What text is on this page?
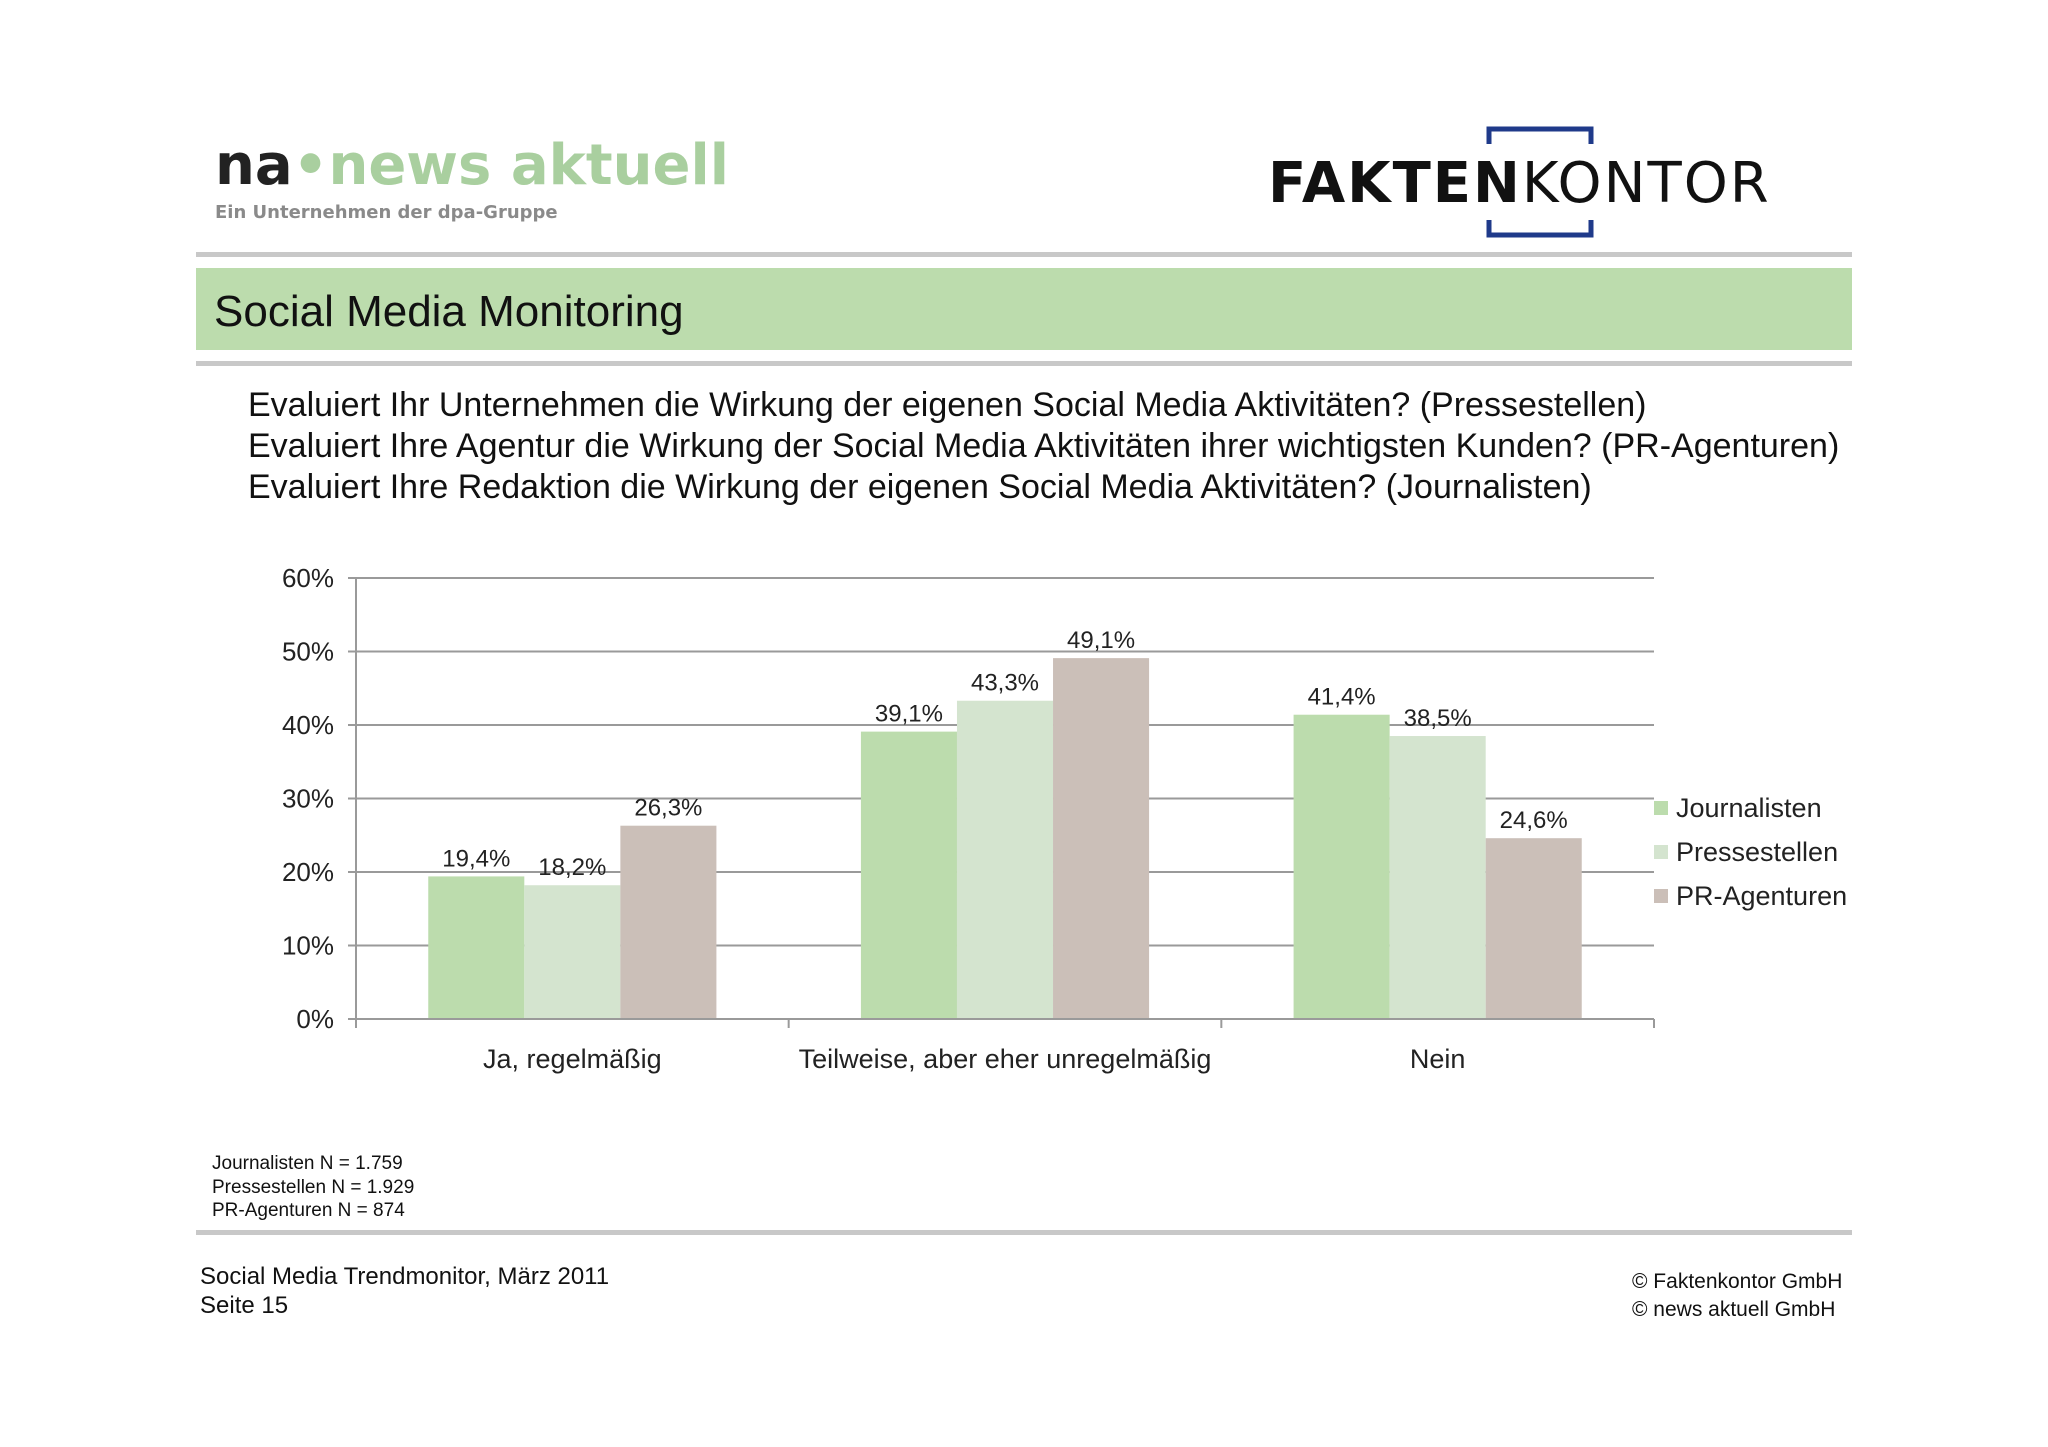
na•news aktuell
Ein Unternehmen der dpa-Gruppe	FAKTENKONTOR
Social Media Monitoring
Evaluiert Ihr Unternehmen die Wirkung der eigenen Social Media Aktivitäten? (Pressestellen)
Evaluiert Ihre Agentur die Wirkung der Social Media Aktivitäten ihrer wichtigsten Kunden? (PR-Agenturen)
Evaluiert Ihre Redaktion die Wirkung der eigenen Social Media Aktivitäten? (Journalisten)
0%
10%
20%
30%
40%
50%
60%
19,4% 18,2%
26,3%
Ja, regelmäßig
39,1%
43,3%
49,1%
Teilweise, aber eher unregelmäßig
41,4%
38,5%
24,6%
Nein
Journalisten
Pressestellen
PR-Agenturen
Journalisten N = 1.759
Pressestellen N = 1.929
PR-Agenturen N = 874
Social Media Trendmonitor, März 2011
Seite 15
© Faktenkontor GmbH
© news aktuell GmbH
